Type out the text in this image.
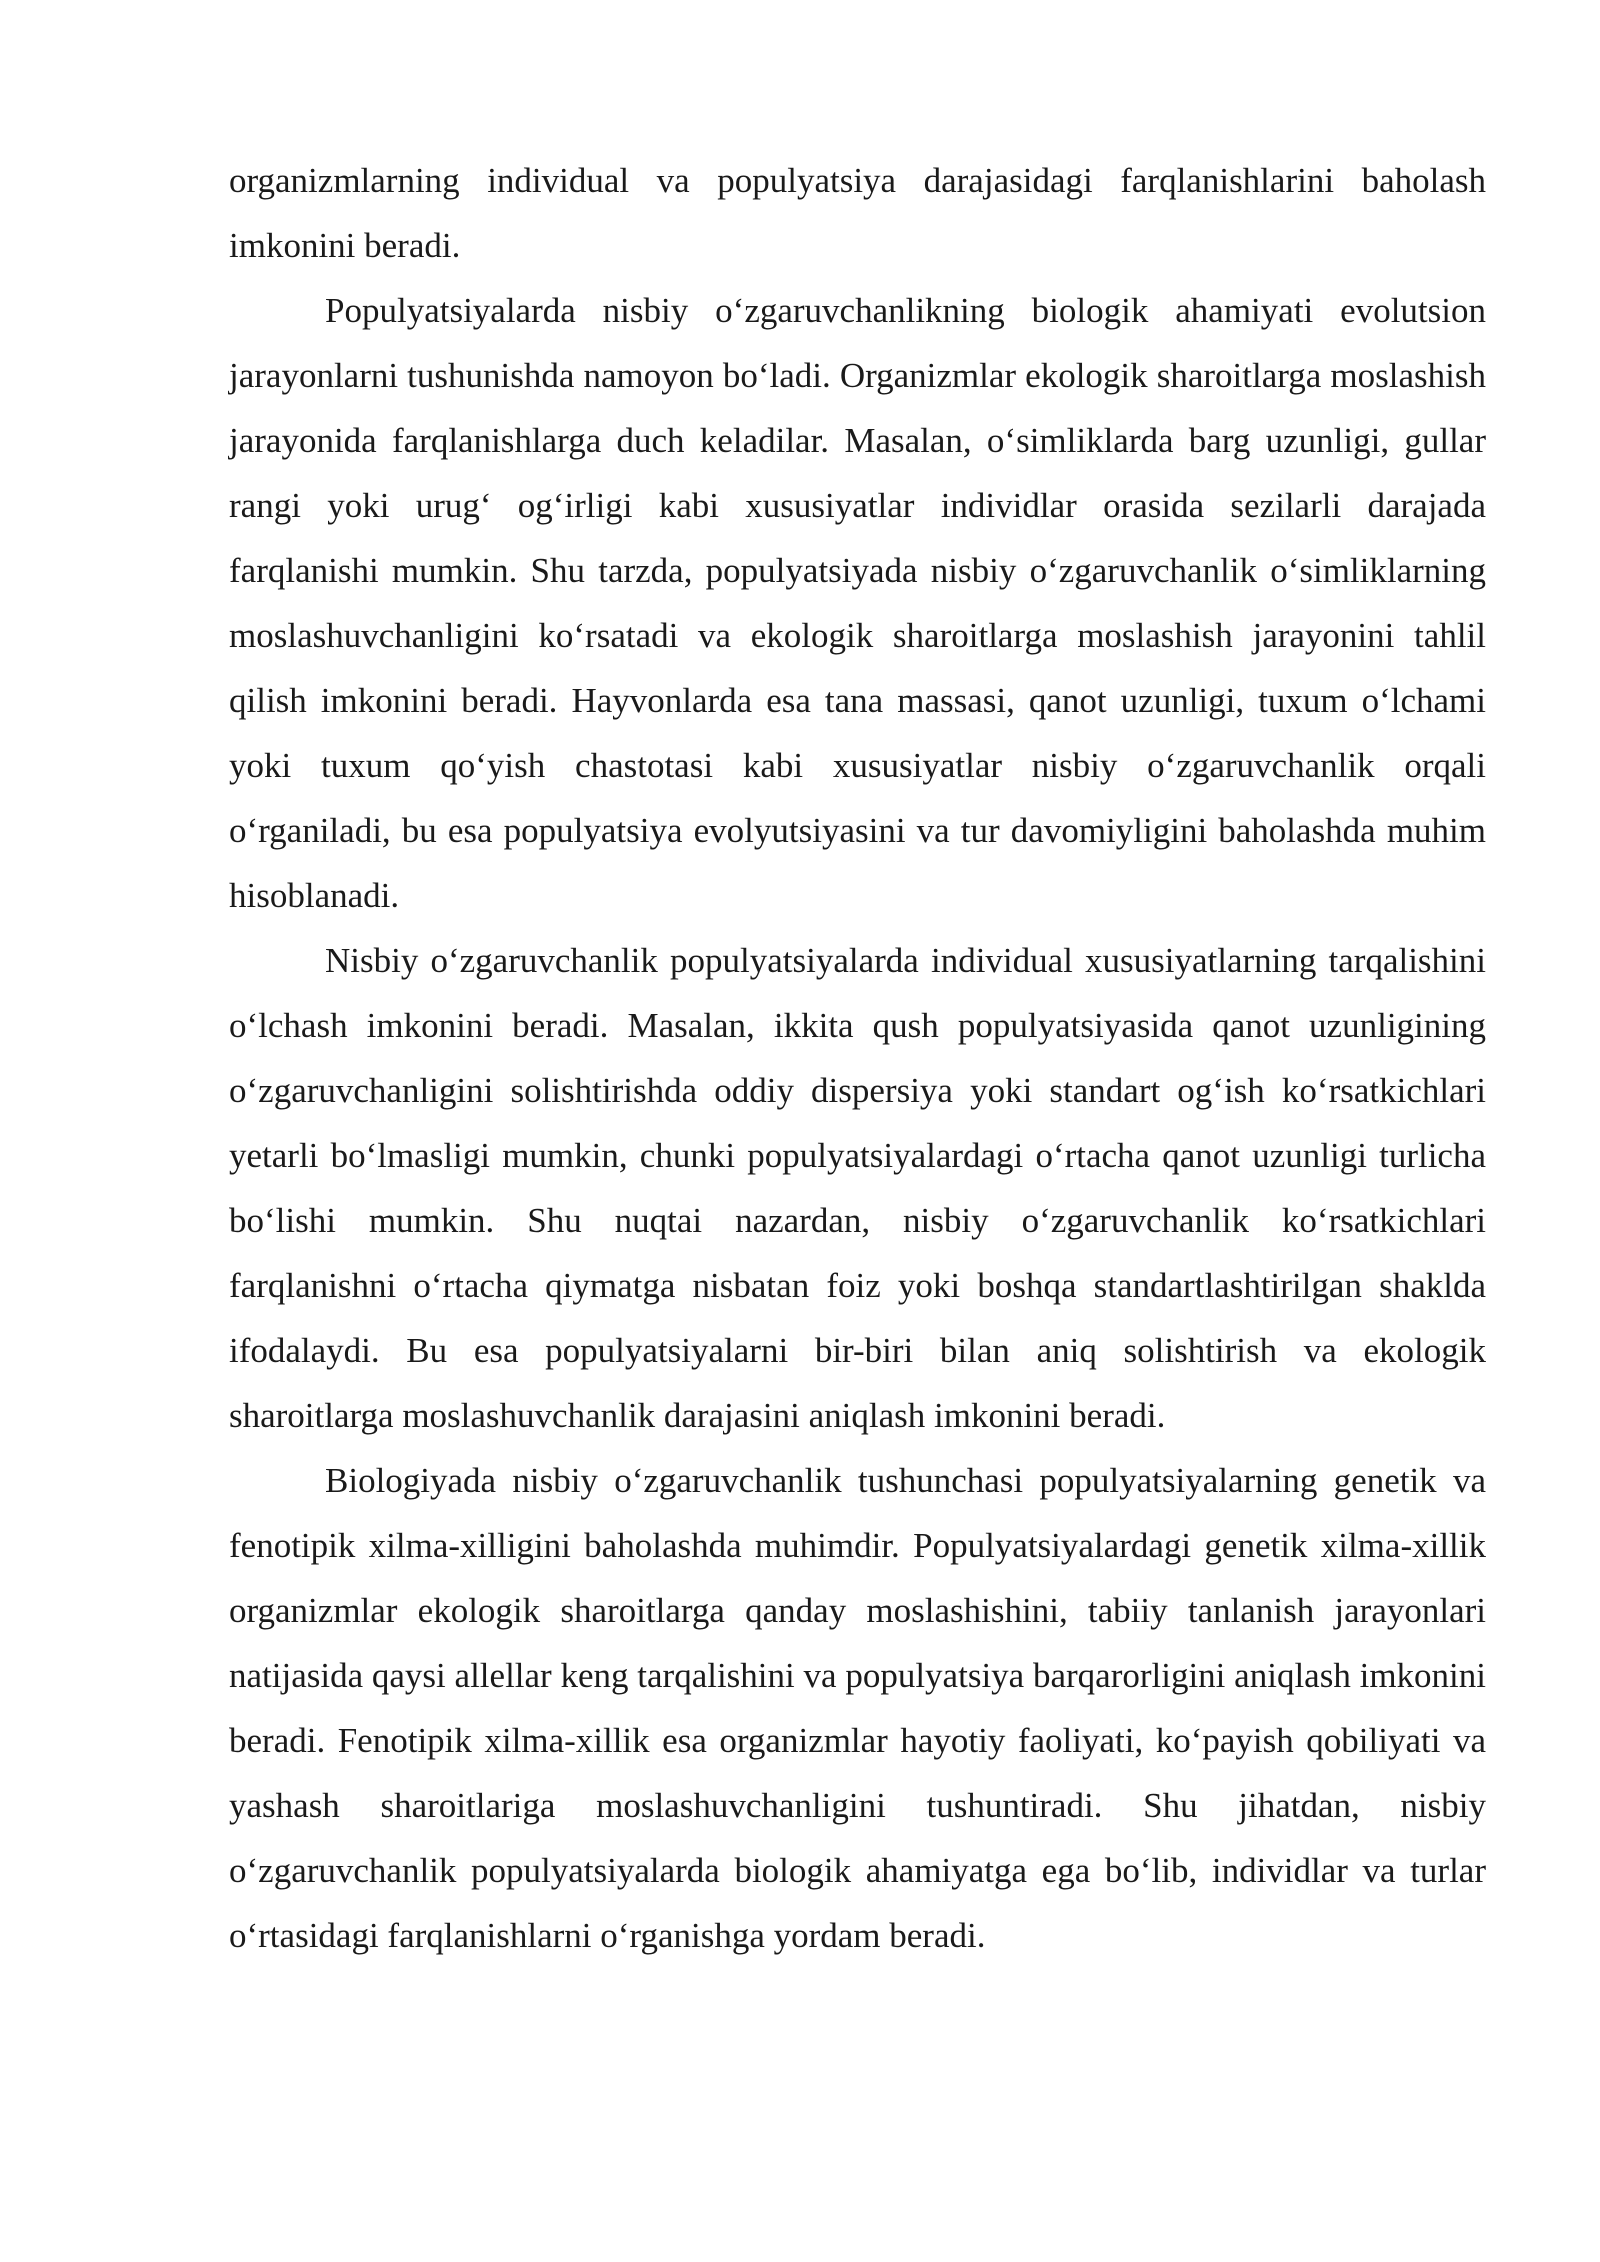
organizmlarning individual va populyatsiya darajasidagi farqlanishlarini baholash imkonini beradi.

Populyatsiyalarda nisbiy o‘zgaruvchanlikning biologik ahamiyati evolutsion jarayonlarni tushunishda namoyon bo‘ladi. Organizmlar ekologik sharoitlarga moslashish jarayonida farqlanishlarga duch keladilar. Masalan, o‘simliklarda barg uzunligi, gullar rangi yoki urug‘ og‘irligi kabi xususiyatlar individlar orasida sezilarli darajada farqlanishi mumkin. Shu tarzda, populyatsiyada nisbiy o‘zgaruvchanlik o‘simliklarning moslashuvchanligini ko‘rsatadi va ekologik sharoitlarga moslashish jarayonini tahlil qilish imkonini beradi. Hayvonlarda esa tana massasi, qanot uzunligi, tuxum o‘lchami yoki tuxum qo‘yish chastotasi kabi xususiyatlar nisbiy o‘zgaruvchanlik orqali o‘rganiladi, bu esa populyatsiya evolyutsiyasini va tur davomiyligini baholashda muhim hisoblanadi.

Nisbiy o‘zgaruvchanlik populyatsiyalarda individual xususiyatlarning tarqalishini o‘lchash imkonini beradi. Masalan, ikkita qush populyatsiyasida qanot uzunligining o‘zgaruvchanligini solishtirishda oddiy dispersiya yoki standart og‘ish ko‘rsatkichlari yetarli bo‘lmasligi mumkin, chunki populyatsiyalardagi o‘rtacha qanot uzunligi turlicha bo‘lishi mumkin. Shu nuqtai nazardan, nisbiy o‘zgaruvchanlik ko‘rsatkichlari farqlanishni o‘rtacha qiymatga nisbatan foiz yoki boshqa standartlashtirilgan shaklda ifodalaydi. Bu esa populyatsiyalarni bir-biri bilan aniq solishtirish va ekologik sharoitlarga moslashuvchanlik darajasini aniqlash imkonini beradi.

Biologiyada nisbiy o‘zgaruvchanlik tushunchasi populyatsiyalarning genetik va fenotipik xilma-xilligini baholashda muhimdir. Populyatsiyalardagi genetik xilma-xillik organizmlar ekologik sharoitlarga qanday moslashishini, tabiiy tanlanish jarayonlari natijasida qaysi allellar keng tarqalishini va populyatsiya barqarorligini aniqlash imkonini beradi. Fenotipik xilma-xillik esa organizmlar hayotiy faoliyati, ko‘payish qobiliyati va yashash sharoitlariga moslashuvchanligini tushuntiradi. Shu jihatdan, nisbiy o‘zgaruvchanlik populyatsiyalarda biologik ahamiyatga ega bo‘lib, individlar va turlar o‘rtasidagi farqlanishlarni o‘rganishga yordam beradi.
